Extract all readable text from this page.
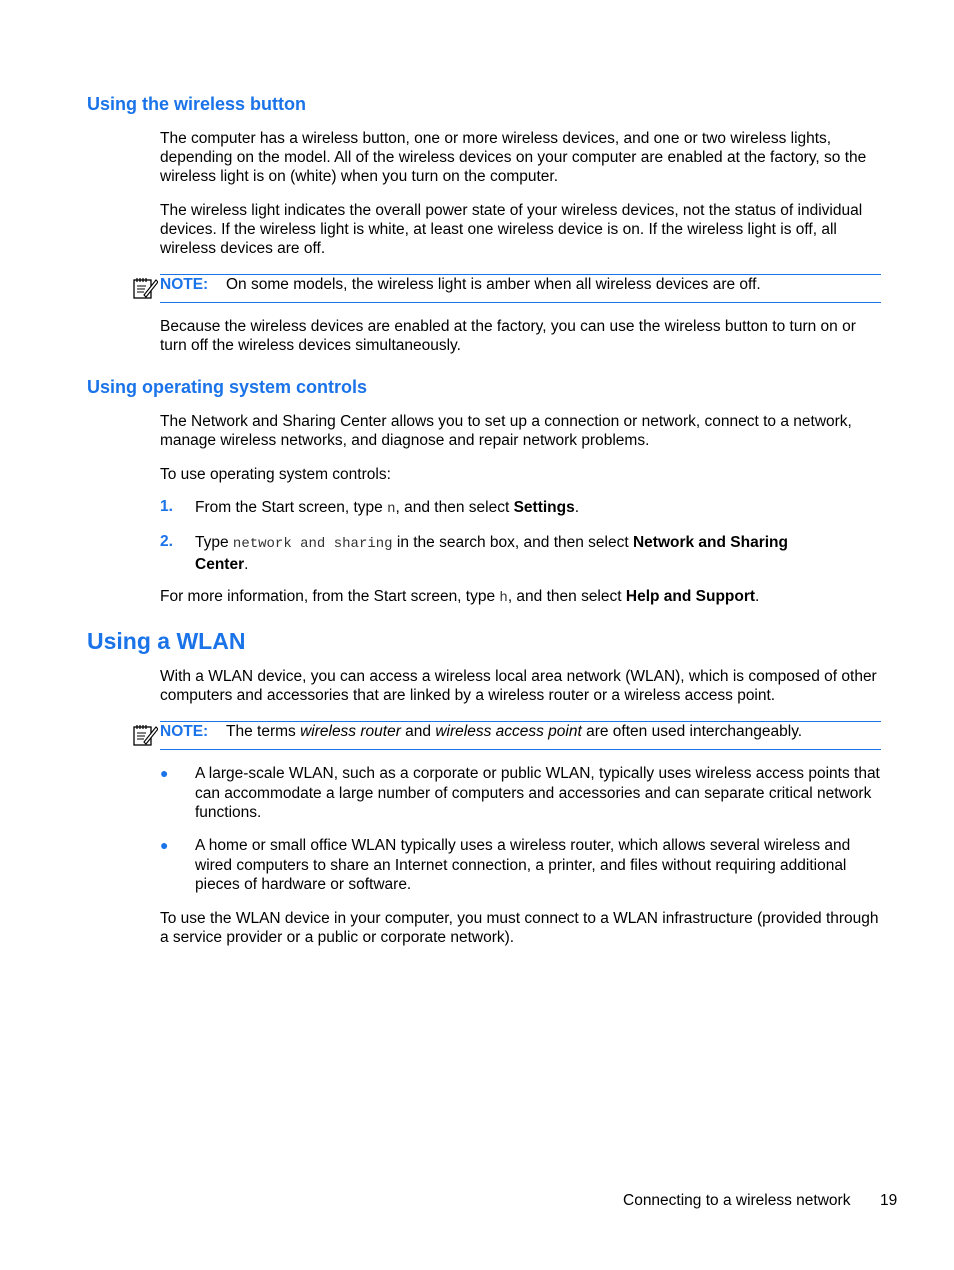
Using the wireless button
The computer has a wireless button, one or more wireless devices, and one or two wireless lights, depending on the model. All of the wireless devices on your computer are enabled at the factory, so the wireless light is on (white) when you turn on the computer.
The wireless light indicates the overall power state of your wireless devices, not the status of individual devices. If the wireless light is white, at least one wireless device is on. If the wireless light is off, all wireless devices are off.
NOTE: On some models, the wireless light is amber when all wireless devices are off.
Because the wireless devices are enabled at the factory, you can use the wireless button to turn on or turn off the wireless devices simultaneously.
Using operating system controls
The Network and Sharing Center allows you to set up a connection or network, connect to a network, manage wireless networks, and diagnose and repair network problems.
To use operating system controls:
1. From the Start screen, type n, and then select Settings.
2. Type network and sharing in the search box, and then select Network and Sharing
Center.
For more information, from the Start screen, type h, and then select Help and Support.
Using a WLAN
With a WLAN device, you can access a wireless local area network (WLAN), which is composed of other computers and accessories that are linked by a wireless router or a wireless access point.
NOTE: The terms wireless router and wireless access point are often used interchangeably.
● A large-scale WLAN, such as a corporate or public WLAN, typically uses wireless access points that can accommodate a large number of computers and accessories and can separate critical network functions.
● A home or small office WLAN typically uses a wireless router, which allows several wireless and wired computers to share an Internet connection, a printer, and files without requiring additional pieces of hardware or software.
To use the WLAN device in your computer, you must connect to a WLAN infrastructure (provided through a service provider or a public or corporate network).
Connecting to a wireless network 19
